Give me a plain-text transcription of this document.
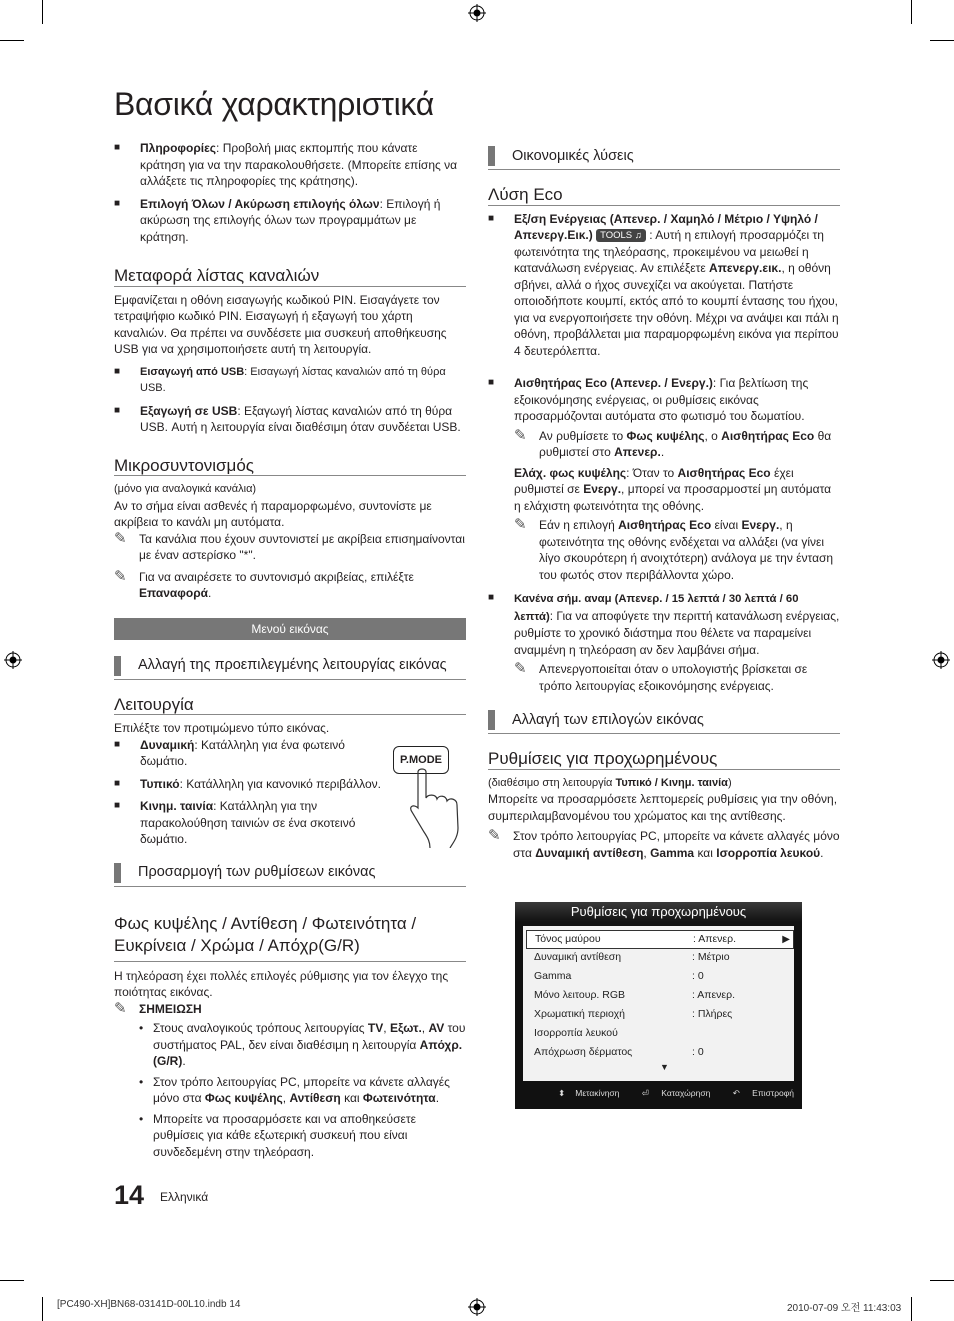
Βασικά χαρακτηριστικά
■	Πληροφορίες: Προβολή μιας εκπομπής που κάνατε κράτηση για να την παρακολουθήσετε. (Μπορείτε επίσης να αλλάξετε τις πληροφορίες της κράτησης).

■	Επιλογή Όλων / Ακύρωση επιλογής όλων: Επιλογή ή ακύρωση της επιλογής όλων των προγραμμάτων με κράτηση.

Μεταφορά λίστας καναλιών

Εμφανίζεται η οθόνη εισαγωγής κωδικού PIN. Εισαγάγετε τον τετραψήφιο κωδικό PIN. Εισαγωγή ή εξαγωγή του χάρτη καναλιών. Θα πρέπει να συνδέσετε μια συσκευή αποθήκευσης USB για να χρησιμοποιήσετε αυτή τη λειτουργία.

■	Εισαγωγή από USB: Εισαγωγή λίστας καναλιών από τη θύρα USB.

■	Εξαγωγή σε USB: Εξαγωγή λίστας καναλιών από τη θύρα USB. Αυτή η λειτουργία είναι διαθέσιμη όταν συνδέεται USB.

Μικροσυντονισμός

(μόνο για αναλογικά κανάλια)

Αν το σήμα είναι ασθενές ή παραμορφωμένο, συντονίστε με ακρίβεια το κανάλι μη αυτόματα.

✎	Τα κανάλια που έχουν συντονιστεί με ακρίβεια επισημαίνονται με έναν αστερίσκο "*".

✎	Για να αναιρέσετε το συντονισμό ακριβείας, επιλέξτε Επαναφορά.

Μενού εικόνας
Αλλαγή της προεπιλεγμένης λειτουργίας εικόνας
Λειτουργία

Επιλέξτε τον προτιμώμενο τύπο εικόνας.

■	Δυναμική: Κατάλληλη για ένα φωτεινό δωμάτιο.

■	Τυπικό: Κατάλληλη για κανονικό περιβάλλον.

■	Κινημ. ταινία: Κατάλληλη για την παρακολούθηση ταινιών σε ένα σκοτεινό δωμάτιο.

Προσαρμογή των ρυθμίσεων εικόνας
Φως κυψέλης / Αντίθεση / Φωτεινότητα / Ευκρίνεια / Χρώμα / Απόχρ(G/R)

Η τηλεόραση έχει πολλές επιλογές ρύθμισης για τον έλεγχο της ποιότητας εικόνας.

✎	ΣΗΜΕΙΩΣΗ
• Στους αναλογικούς τρόπους λειτουργίας TV, Εξωτ., AV του συστήματος PAL, δεν είναι διαθέσιμη η λειτουργία Απόχρ.(G/R).

• Στον τρόπο λειτουργίας PC, μπορείτε να κάνετε αλλαγές μόνο στα Φως κυψέλης, Αντίθεση και Φωτεινότητα.

• Μπορείτε να προσαρμόσετε και να αποθηκεύσετε ρυθμίσεις για κάθε εξωτερική συσκευή που είναι συνδεδεμένη στην τηλεόραση.

P.MODE
Οικονομικές λύσεις
Λύση Eco
■	Εξ/ση Ενέργειας (Απενερ. / Χαμηλό / Μέτριο / Υψηλό / Απενεργ.Εικ.) TOOLS ♫ : Αυτή η επιλογή προσαρμόζει τη φωτεινότητα της τηλεόρασης, προκειμένου να μειωθεί η κατανάλωση ενέργειας. Αν επιλέξετε Απενεργ.εικ., η οθόνη σβήνει, αλλά ο ήχος συνεχίζει να ακούγεται. Πατήστε οποιοδήποτε κουμπί, εκτός από το κουμπί έντασης του ήχου, για να ενεργοποιήσετε την οθόνη. Μέχρι να ανάψει και πάλι η οθόνη, προβάλλεται μια παραμορφωμένη εικόνα για περίπου 4 δευτερόλεπτα.

■	Αισθητήρας Eco (Απενερ. / Ενεργ.): Για βελτίωση της εξοικονόμησης ενέργειας, οι ρυθμίσεις εικόνας προσαρμόζονται αυτόματα στο φωτισμό του δωματίου.

✎	Αν ρυθμίσετε το Φως κυψέλης, ο Αισθητήρας Eco θα ρυθμιστεί στο Απενερ..

Ελάχ. φως κυψέλης: Όταν το Αισθητήρας Eco έχει ρυθμιστεί σε Ενεργ., μπορεί να προσαρμοστεί μη αυτόματα η ελάχιστη φωτεινότητα της οθόνης.

✎	Εάν η επιλογή Αισθητήρας Eco είναι Ενεργ., η φωτεινότητα της οθόνης ενδέχεται να αλλάξει (να γίνει λίγο σκουρότερη ή ανοιχτότερη) ανάλογα με την ένταση του φωτός στον περιβάλλοντα χώρο.

■	Κανένα σήμ. αναμ (Απενερ. / 15 λεπτά / 30 λεπτά / 60 λεπτά): Για να αποφύγετε την περιττή κατανάλωση ενέργειας, ρυθμίστε το χρονικό διάστημα που θέλετε να παραμείνει αναμμένη η τηλεόραση αν δεν λαμβάνει σήμα.

✎	Απενεργοποιείται όταν ο υπολογιστής βρίσκεται σε τρόπο λειτουργίας εξοικονόμησης ενέργειας.

Αλλαγή των επιλογών εικόνας
Ρυθμίσεις για προχωρημένους

(διαθέσιμο στη λειτουργία Τυπικό / Κινημ. ταινία)

Μπορείτε να προσαρμόσετε λεπτομερείς ρυθμίσεις για την οθόνη, συμπεριλαμβανομένου του χρώματος και της αντίθεσης.

✎	Στον τρόπο λειτουργίας PC, μπορείτε να κάνετε αλλαγές μόνο στα Δυναμική αντίθεση, Gamma και Ισορροπία λευκού.

Ρυθμίσεις για προχωρημένους
Τόνος μαύρου	: Απενερ.	▶
Δυναμική αντίθεση	: Μέτριο
Gamma	: 0
Μόνο λειτουρ. RGB	: Απενερ.
Χρωματική περιοχή	: Πλήρες
Ισορροπία λευκού
Απόχρωση δέρματος	: 0
▼
⬍ Μετακίνηση	⏎ Καταχώρηση	↶ Επιστροφή
14 Ελληνικά
[PC490-XH]BN68-03141D-00L10.indb 14	2010-07-09 오전 11:43:03
